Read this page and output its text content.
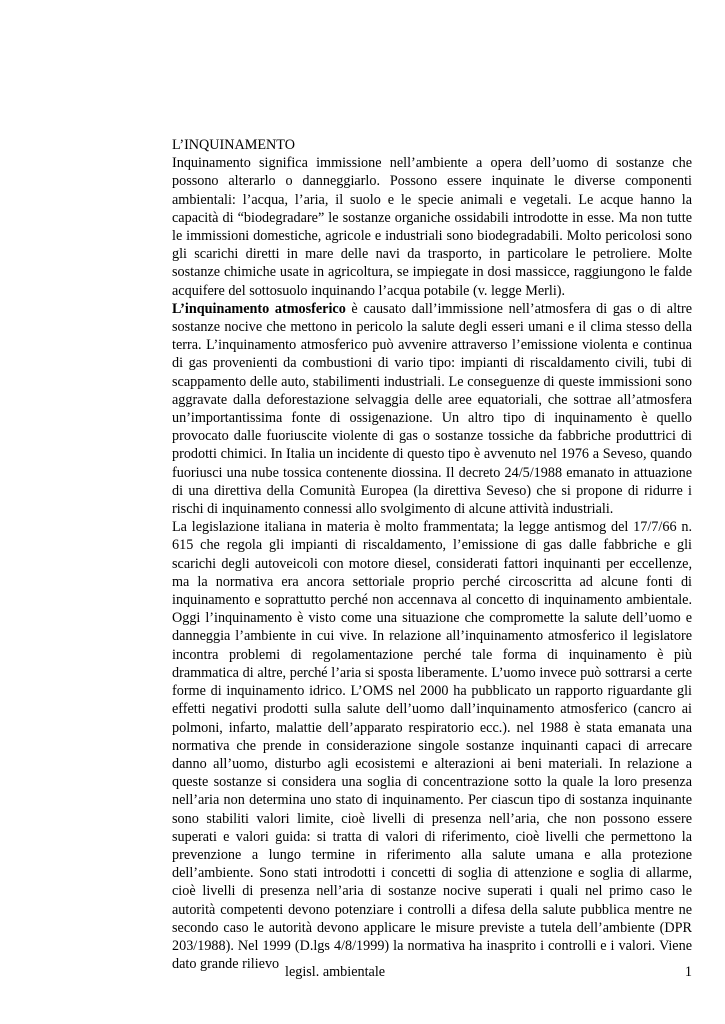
L’INQUINAMENTO

Inquinamento significa immissione nell’ambiente a opera dell’uomo di sostanze che possono alterarlo o danneggiarlo. Possono essere inquinate le diverse componenti ambientali: l’acqua, l’aria, il suolo e le specie animali e vegetali. Le acque hanno la capacità di “biodegradare” le sostanze organiche ossidabili introdotte in esse. Ma non tutte le immissioni domestiche, agricole e industriali sono biodegradabili. Molto pericolosi sono gli scarichi diretti in mare delle navi da trasporto, in particolare le petroliere. Molte sostanze chimiche usate in agricoltura, se impiegate in dosi massicce, raggiungono le falde acquifere del sottosuolo inquinando l’acqua potabile (v. legge Merli).

L’inquinamento atmosferico è causato dall’immissione nell’atmosfera di gas o di altre sostanze nocive che mettono in pericolo la salute degli esseri umani e il clima stesso della terra. L’inquinamento atmosferico può avvenire attraverso l’emissione violenta e continua di gas provenienti da combustioni di vario tipo: impianti di riscaldamento civili, tubi di scappamento delle auto, stabilimenti industriali. Le conseguenze di queste immissioni sono aggravate dalla deforestazione selvaggia delle aree equatoriali, che sottrae all’atmosfera un’importantissima fonte di ossigenazione. Un altro tipo di inquinamento è quello provocato dalle fuoriuscite violente di gas o sostanze tossiche da fabbriche produttrici di prodotti chimici. In Italia un incidente di questo tipo è avvenuto nel 1976 a Seveso, quando fuoriusci una nube tossica contenente diossina. Il decreto 24/5/1988 emanato in attuazione di una direttiva della Comunità Europea (la direttiva Seveso) che si propone di ridurre i rischi di inquinamento connessi allo svolgimento di alcune attività industriali.

La legislazione italiana in materia è molto frammentata; la legge antismog del 17/7/66 n. 615 che regola gli impianti di riscaldamento, l’emissione di gas dalle fabbriche e gli scarichi degli autoveicoli con motore diesel, considerati fattori inquinanti per eccellenze, ma la normativa era ancora settoriale proprio perché circoscritta ad alcune fonti di inquinamento e soprattutto perché non accennava al concetto di inquinamento ambientale. Oggi l’inquinamento è visto come una situazione che compromette la salute dell’uomo e danneggia l’ambiente in cui vive. In relazione all’inquinamento atmosferico il legislatore incontra problemi di regolamentazione perché tale forma di inquinamento è più drammatica di altre, perché l’aria si sposta liberamente. L’uomo invece può sottrarsi a certe forme di inquinamento idrico. L’OMS nel 2000 ha pubblicato un rapporto riguardante gli effetti negativi prodotti sulla salute dell’uomo dall’inquinamento atmosferico (cancro ai polmoni, infarto, malattie dell’apparato respiratorio ecc.). nel 1988 è stata emanata una normativa che prende in considerazione singole sostanze inquinanti capaci di arrecare danno all’uomo, disturbo agli ecosistemi e alterazioni ai beni materiali. In relazione a queste sostanze si considera una soglia di concentrazione sotto la quale la loro presenza nell’aria non determina uno stato di inquinamento. Per ciascun tipo di sostanza inquinante sono stabiliti valori limite, cioè livelli di presenza nell’aria, che non possono essere superati e valori guida: si tratta di valori di riferimento, cioè livelli che permettono la prevenzione a lungo termine in riferimento alla salute umana e alla protezione dell’ambiente. Sono stati introdotti i concetti di soglia di attenzione e soglia di allarme, cioè livelli di presenza nell’aria di sostanze nocive superati i quali nel primo caso le autorità competenti devono potenziare i controlli a difesa della salute pubblica mentre ne secondo caso le autorità devono applicare le misure previste a tutela dell’ambiente (DPR 203/1988). Nel 1999 (D.lgs 4/8/1999) la normativa ha inasprito i controlli e i valori. Viene dato grande rilievo legisl. ambientale	1
